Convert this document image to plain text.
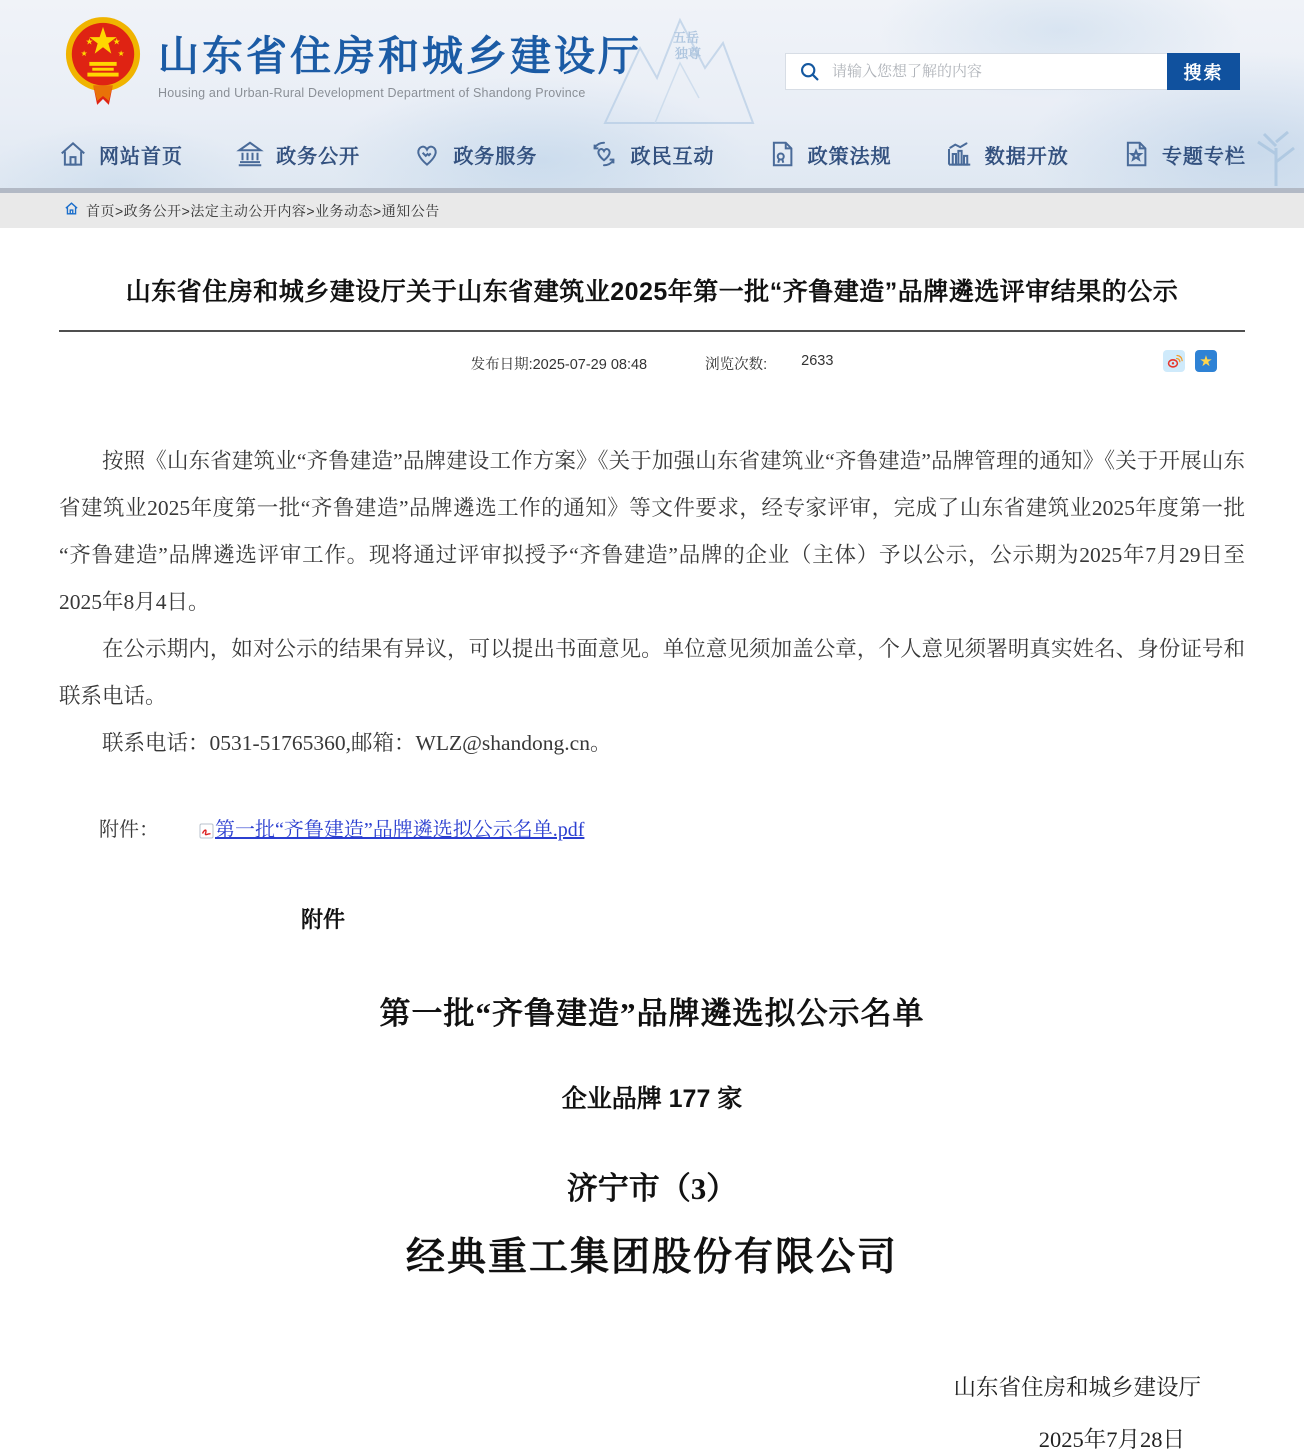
五岳
独尊
★ ★
★	★ 山东省住房和城乡建设厅
Housing and Urban-Rural Development Department of Shandong Province
请输入您想了解的内容
搜索
网站首页	政务公开	政务服务	政民互动	政策法规	数据开放	专题专栏
首页>政务公开>法定主动公开内容>业务动态>通知公告
山东省住房和城乡建设厅关于山东省建筑业2025年第一批“齐鲁建造”品牌遴选评审结果的公示
发布日期:2025-07-29 08:48	浏览次数: 2633	★

按照《山东省建筑业“齐鲁建造”品牌建设工作方案》《关于加强山东省建筑业“齐鲁建造”品牌管理的通知》《关于开展山东省建筑业2025年度第一批“齐鲁建造”品牌遴选工作的通知》等文件要求，经专家评审，完成了山东省建筑业2025年度第一批“齐鲁建造”品牌遴选评审工作。现将通过评审拟授予“齐鲁建造”品牌的企业（主体）予以公示，公示期为2025年7月29日至2025年8月4日。

在公示期内，如对公示的结果有异议，可以提出书面意见。单位意见须加盖公章，个人意见须署明真实姓名、身份证号和联系电话。

联系电话：0531-51765360,邮箱：WLZ@shandong.cn。

附件：	第一批“齐鲁建造”品牌遴选拟公示名单.pdf

附件
第一批“齐鲁建造”品牌遴选拟公示名单
企业品牌 177 家
济宁市（3）
经典重工集团股份有限公司
山东省住房和城乡建设厅
2025年7月28日
